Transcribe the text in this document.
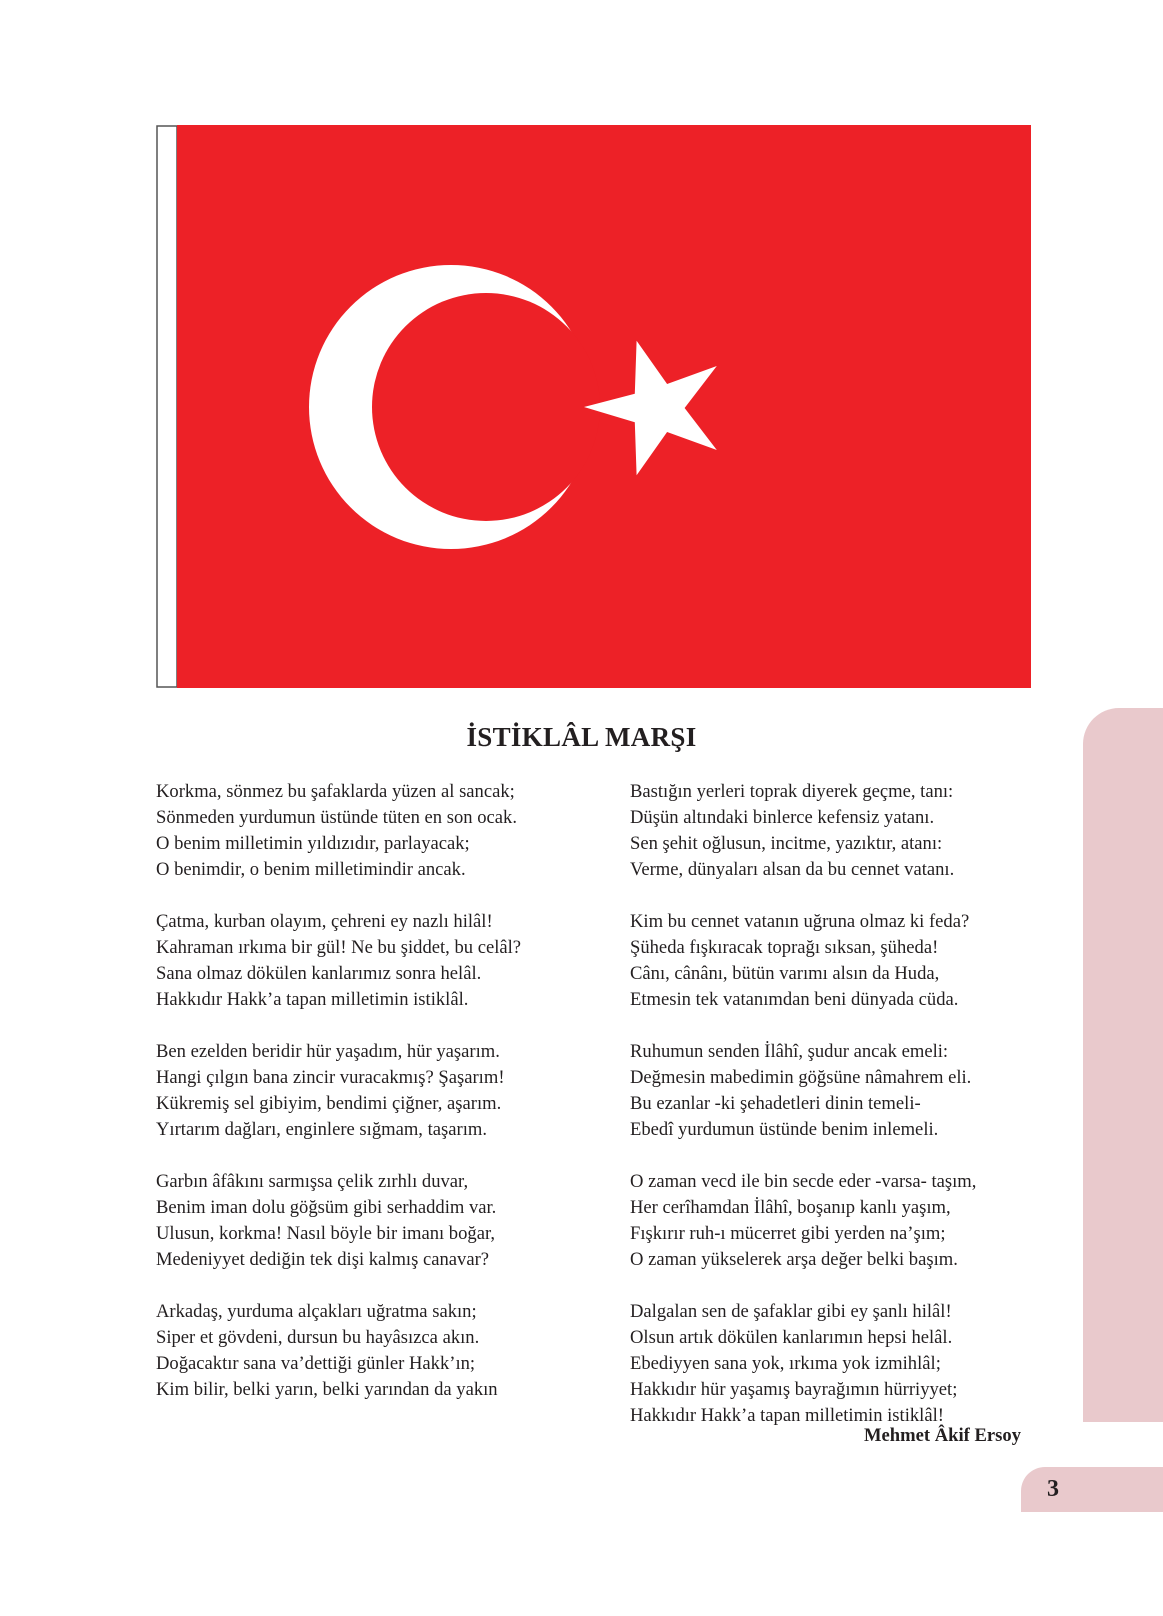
İSTİKLÂL MARŞI
Korkma, sönmez bu şafaklarda yüzen al sancak;
Sönmeden yurdumun üstünde tüten en son ocak.
O benim milletimin yıldızıdır, parlayacak;
O benimdir, o benim milletimindir ancak.
Çatma, kurban olayım, çehreni ey nazlı hilâl!
Kahraman ırkıma bir gül! Ne bu şiddet, bu celâl?
Sana olmaz dökülen kanlarımız sonra helâl.
Hakkıdır Hakk’a tapan milletimin istiklâl.
Ben ezelden beridir hür yaşadım, hür yaşarım.
Hangi çılgın bana zincir vuracakmış? Şaşarım!
Kükremiş sel gibiyim, bendimi çiğner, aşarım.
Yırtarım dağları, enginlere sığmam, taşarım.
Garbın âfâkını sarmışsa çelik zırhlı duvar,
Benim iman dolu göğsüm gibi serhaddim var.
Ulusun, korkma! Nasıl böyle bir imanı boğar,
Medeniyyet dediğin tek dişi kalmış canavar?
Arkadaş, yurduma alçakları uğratma sakın;
Siper et gövdeni, dursun bu hayâsızca akın.
Doğacaktır sana va’dettiği günler Hakk’ın;
Kim bilir, belki yarın, belki yarından da yakın
Bastığın yerleri toprak diyerek geçme, tanı:
Düşün altındaki binlerce kefensiz yatanı.
Sen şehit oğlusun, incitme, yazıktır, atanı:
Verme, dünyaları alsan da bu cennet vatanı.
Kim bu cennet vatanın uğruna olmaz ki feda?
Şüheda fışkıracak toprağı sıksan, şüheda!
Cânı, cânânı, bütün varımı alsın da Huda,
Etmesin tek vatanımdan beni dünyada cüda.
Ruhumun senden İlâhî, şudur ancak emeli:
Değmesin mabedimin göğsüne nâmahrem eli.
Bu ezanlar -ki şehadetleri dinin temeli-
Ebedî yurdumun üstünde benim inlemeli.
O zaman vecd ile bin secde eder -varsa- taşım,
Her cerîhamdan İlâhî, boşanıp kanlı yaşım,
Fışkırır ruh-ı mücerret gibi yerden na’şım;
O zaman yükselerek arşa değer belki başım.
Dalgalan sen de şafaklar gibi ey şanlı hilâl!
Olsun artık dökülen kanlarımın hepsi helâl.
Ebediyyen sana yok, ırkıma yok izmihlâl;
Hakkıdır hür yaşamış bayrağımın hürriyyet;
Hakkıdır Hakk’a tapan milletimin istiklâl!
Mehmet Âkif Ersoy
3
